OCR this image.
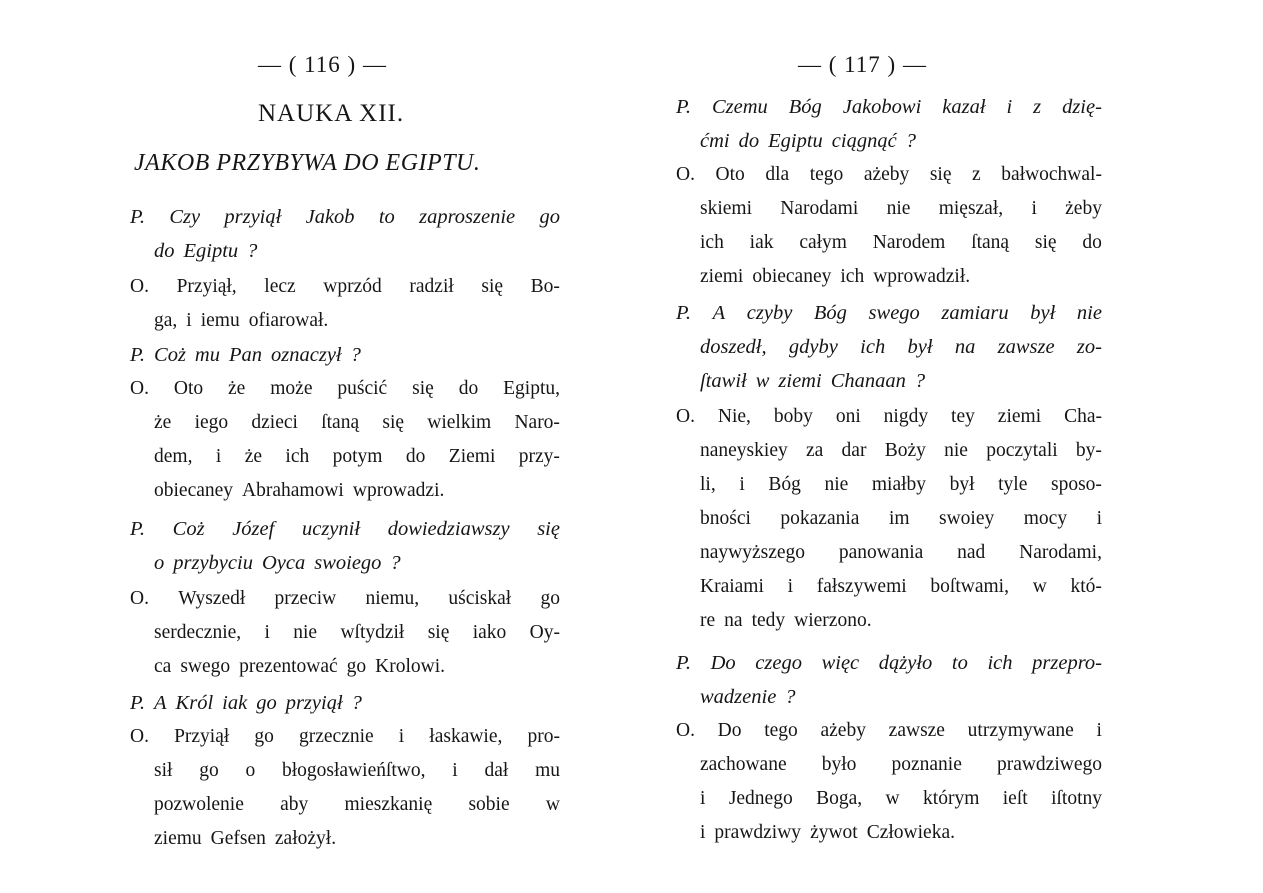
— ( 116 ) —
NAUKA XII.
JAKOB PRZYBYWA DO EGIPTU.

P. Czy przyiął Jakob to zaproszenie go

do Egiptu ?

O. Przyiął, lecz wprzód radził się Bo-

ga, i iemu ofiarował.

P. Coż mu Pan oznaczył ?

O. Oto że może puścić się do Egiptu,

że iego dzieci ſtaną się wielkim Naro-

dem, i że ich potym do Ziemi przy-

obiecaney Abrahamowi wprowadzi.

P. Coż Józef uczynił dowiedziawszy się

o przybyciu Oyca swoiego ?

O. Wyszedł przeciw niemu, uściskał go

serdecznie, i nie wſtydził się iako Oy-

ca swego prezentować go Krolowi.

P. A Król iak go przyiął ?

O. Przyiął go grzecznie i łaskawie, pro-

sił go o błogosławieńſtwo, i dał mu

pozwolenie aby mieszkanię sobie w

ziemu Gefsen założył.

— ( 117 ) —

P. Czemu Bóg Jakobowi kazał i z dzię-

ćmi do Egiptu ciągnąć ?

O. Oto dla tego ażeby się z bałwochwal-

skiemi Narodami nie mięszał, i żeby

ich iak całym Narodem ſtaną się do

ziemi obiecaney ich wprowadził.

P. A czyby Bóg swego zamiaru był nie

doszedł, gdyby ich był na zawsze zo-

ſtawił w ziemi Chanaan ?

O. Nie, boby oni nigdy tey ziemi Cha-

naneyskiey za dar Boży nie poczytali by-

li, i Bóg nie miałby był tyle sposo-

bności pokazania im swoiey mocy i

naywyższego panowania nad Narodami,

Kraiami i fałszywemi boſtwami, w któ-

re na tedy wierzono.

P. Do czego więc dążyło to ich przepro-

wadzenie ?

O. Do tego ażeby zawsze utrzymywane i

zachowane było poznanie prawdziwego

i Jednego Boga, w którym ieſt iſtotny

i prawdziwy żywot Człowieka.
